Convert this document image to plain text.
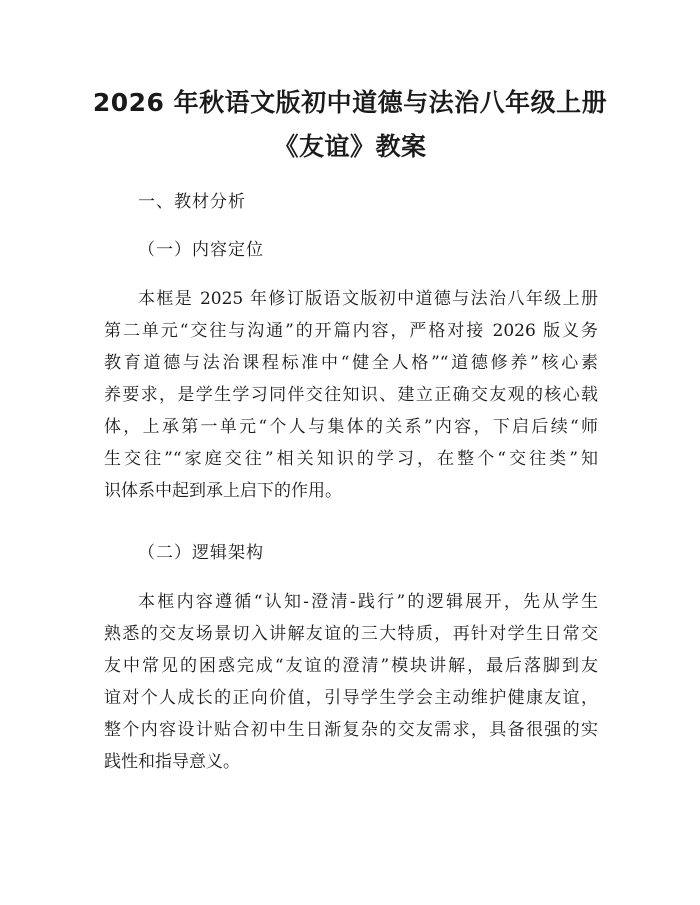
2026 年秋语文版初中道德与法治八年级上册
《友谊》教案
一、教材分析
（一）内容定位
本框是 2025 年修订版语文版初中道德与法治八年级上册
第二单元“交往与沟通”的开篇内容，严格对接 2026 版义务
教育道德与法治课程标准中“健全人格”“道德修养”核心素
养要求，是学生学习同伴交往知识、建立正确交友观的核心载
体，上承第一单元“个人与集体的关系”内容，下启后续“师
生交往”“家庭交往”相关知识的学习，在整个“交往类”知
识体系中起到承上启下的作用。
（二）逻辑架构
本框内容遵循“认知-澄清-践行”的逻辑展开，先从学生
熟悉的交友场景切入讲解友谊的三大特质，再针对学生日常交
友中常见的困惑完成“友谊的澄清”模块讲解，最后落脚到友
谊对个人成长的正向价值，引导学生学会主动维护健康友谊，
整个内容设计贴合初中生日渐复杂的交友需求，具备很强的实
践性和指导意义。
